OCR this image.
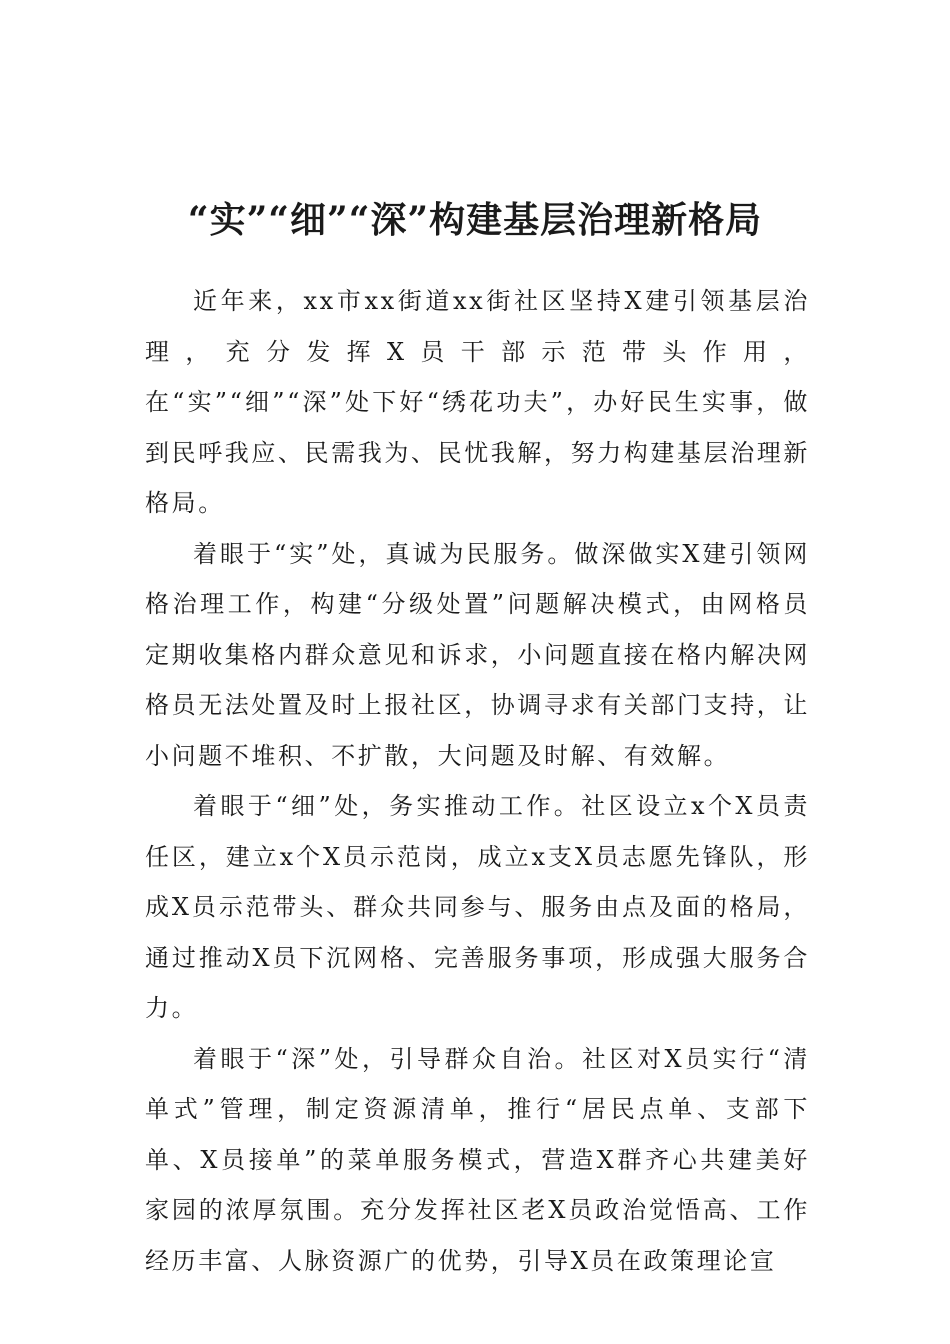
“实”“细”“深”构建基层治理新格局

近年来，xx市xx街道xx街社区坚持X建引领基层治理，充分发挥X员干部示范带头作用，在“实”“细”“深”处下好“绣花功夫”，办好民生实事，做到民呼我应、民需我为、民忧我解，努力构建基层治理新格局。

着眼于“实”处，真诚为民服务。做深做实X建引领网格治理工作，构建“分级处置”问题解决模式，由网格员定期收集格内群众意见和诉求，小问题直接在格内解决网格员无法处置及时上报社区，协调寻求有关部门支持，让小问题不堆积、不扩散，大问题及时解、有效解。

着眼于“细”处，务实推动工作。社区设立x个X员责任区，建立x个X员示范岗，成立x支X员志愿先锋队，形成X员示范带头、群众共同参与、服务由点及面的格局，通过推动X员下沉网格、完善服务事项，形成强大服务合力。

着眼于“深”处，引导群众自治。社区对X员实行“清单式”管理，制定资源清单，推行“居民点单、支部下单、X员接单”的菜单服务模式，营造X群齐心共建美好家园的浓厚氛围。充分发挥社区老X员政治觉悟高、工作经历丰富、人脉资源广的优势，引导X员在政策理论宣
